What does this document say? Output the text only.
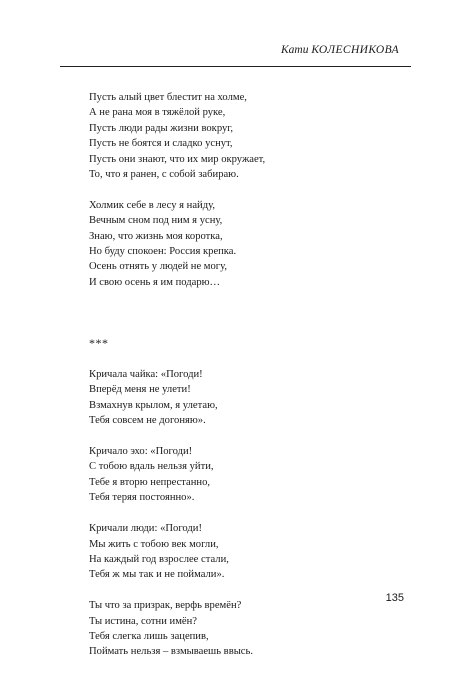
Кати КОЛЕСНИКОВА
Пусть алый цвет блестит на холме,
А не рана моя в тяжёлой руке,
Пусть люди рады жизни вокруг,
Пусть не боятся и сладко уснут,
Пусть они знают, что их мир окружает,
То, что я ранен, с собой забираю.
Холмик себе в лесу я найду,
Вечным сном под ним я усну,
Знаю, что жизнь моя коротка,
Но буду спокоен: Россия крепка.
Осень отнять у людей не могу,
И свою осень я им подарю…
***
Кричала чайка: «Погоди!
Вперёд меня не улети!
Взмахнув крылом, я улетаю,
Тебя совсем не догоняю».
Кричало эхо: «Погоди!
С тобою вдаль нельзя уйти,
Тебе я вторю непрестанно,
Тебя теряя постоянно».
Кричали люди: «Погоди!
Мы жить с тобою век могли,
На каждый год взрослее стали,
Тебя ж мы так и не поймали».
Ты что за призрак, верфь времён?
Ты истина, сотни имён?
Тебя слегка лишь зацепив,
Поймать нельзя – взмываешь ввысь.
135
